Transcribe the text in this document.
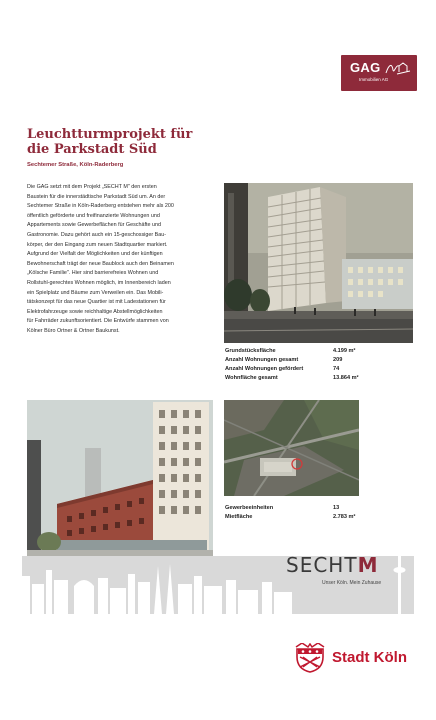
GAG
Immobilien AG
Leuchtturmprojekt für
die Parkstadt Süd
Sechtemer Straße, Köln-Raderberg
Die GAG setzt mit dem Projekt „SECHT M" den ersten
Baustein für die innerstädtische Parkstadt Süd um. An der
Sechtemer Straße in Köln-Raderberg entstehen mehr als 200
öffentlich geförderte und freifinanzierte Wohnungen und
Appartements sowie Gewerbeflächen für Geschäfte und
Gastronomie. Dazu gehört auch ein 15-geschossiger Bau-
körper, der den Eingang zum neuen Stadtquartier markiert.
Aufgrund der Vielfalt der Möglichkeiten und der künftigen
Bewohnerschaft trägt der neue Baublock auch den Beinamen
„Kölsche Familie". Hier sind barrierefreies Wohnen und
Rollstuhl-gerechtes Wohnen möglich, im Innenbereich laden
ein Spielplatz und Bäume zum Verweilen ein. Das Mobili-
tätskonzept für das neue Quartier ist mit Ladestationen für
Elektrofahrzeuge sowie reichhaltige Abstellmöglichkeiten
für Fahrräder zukunftsorientiert. Die Entwürfe stammen von
Kölner Büro Ortner & Ortner Baukunst.
Grundstücksfläche	4.199 m²
Anzahl Wohnungen gesamt	209
Anzahl Wohnungen gefördert	74
Wohnfläche gesamt	13.864 m²
Gewerbeeinheiten	13
Mietfläche	2.783 m²
SECHTM
Unser Köln. Mein Zuhause
Stadt Köln
